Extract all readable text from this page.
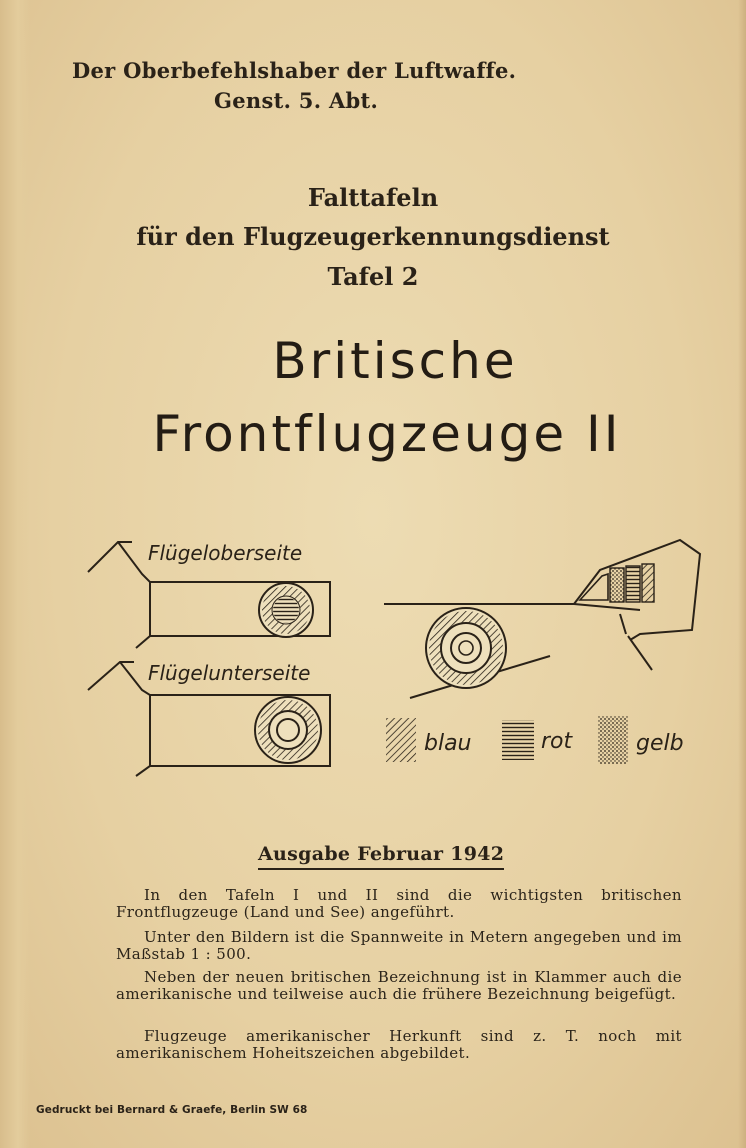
Der Oberbefehlshaber der Luftwaffe.
Genst. 5. Abt.
Falttafeln
für den Flugzeugerkennungsdienst
Tafel 2
Britische
Frontflugzeuge II
Flügeloberseite
Flügelunterseite
blau	rot	gelb
Ausgabe Februar 1942
In den Tafeln I und II sind die wichtigsten britischen Frontflugzeuge (Land und See) angeführt.
Unter den Bildern ist die Spannweite in Metern angegeben und im Maßstab 1 : 500.
Neben der neuen britischen Bezeichnung ist in Klammer auch die amerikanische und teilweise auch die frühere Bezeichnung beigefügt.
Flugzeuge amerikanischer Herkunft sind z. T. noch mit amerikanischem Hoheitszeichen abgebildet.
Gedruckt bei Bernard & Graefe, Berlin SW 68
